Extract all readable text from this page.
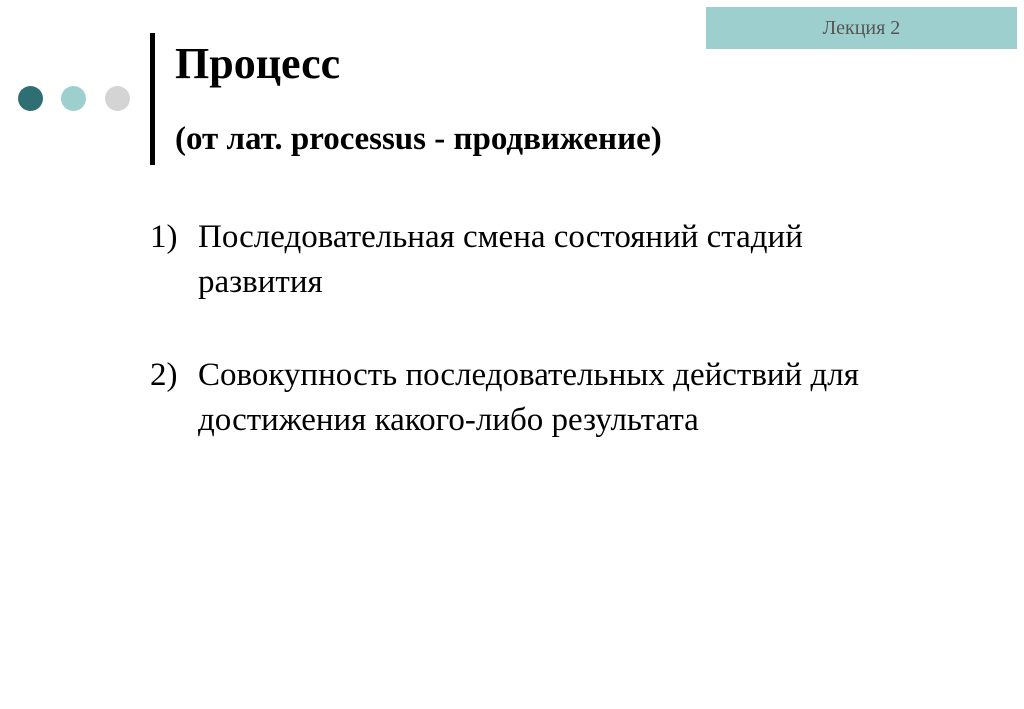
Лекция 2
Процесс
(от лат. processus - продвижение)
1) Последовательная смена состояний стадий развития
2) Совокупность последовательных действий для достижения какого-либо результата
